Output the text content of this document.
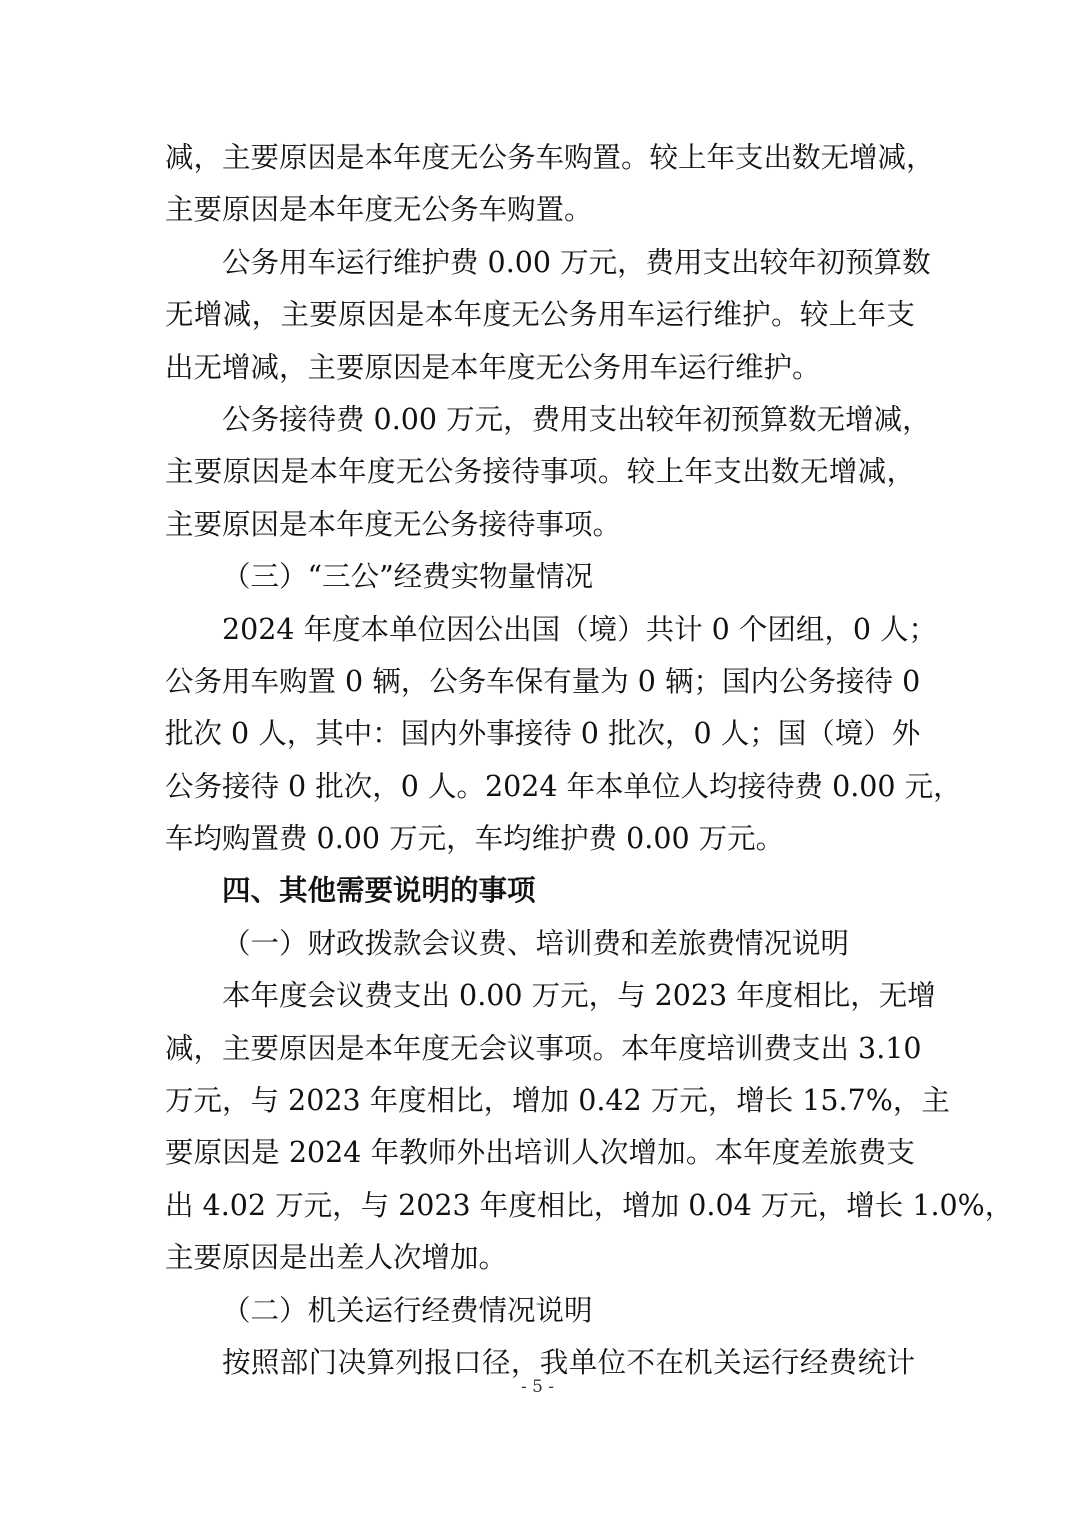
减，主要原因是本年度无公务车购置。较上年支出数无增减，
主要原因是本年度无公务车购置。
公务用车运行维护费 0.00 万元，费用支出较年初预算数
无增减，主要原因是本年度无公务用车运行维护。较上年支
出无增减，主要原因是本年度无公务用车运行维护。
公务接待费 0.00 万元，费用支出较年初预算数无增减，
主要原因是本年度无公务接待事项。较上年支出数无增减，
主要原因是本年度无公务接待事项。
（三）“三公”经费实物量情况
2024 年度本单位因公出国（境）共计 0 个团组，0 人；
公务用车购置 0 辆，公务车保有量为 0 辆；国内公务接待 0
批次 0 人，其中：国内外事接待 0 批次，0 人；国（境）外
公务接待 0 批次，0 人。2024 年本单位人均接待费 0.00 元，
车均购置费 0.00 万元，车均维护费 0.00 万元。
四、其他需要说明的事项
（一）财政拨款会议费、培训费和差旅费情况说明
本年度会议费支出 0.00 万元，与 2023 年度相比，无增
减，主要原因是本年度无会议事项。本年度培训费支出 3.10
万元，与 2023 年度相比，增加 0.42 万元，增长 15.7%，主
要原因是 2024 年教师外出培训人次增加。本年度差旅费支
出 4.02 万元，与 2023 年度相比，增加 0.04 万元，增长 1.0%，
主要原因是出差人次增加。
（二）机关运行经费情况说明
按照部门决算列报口径，我单位不在机关运行经费统计
- 5 -
